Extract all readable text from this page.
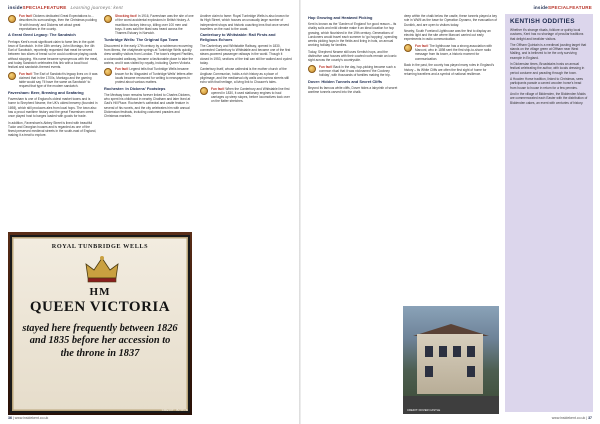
insideSPECIALFEATURE Learning journeys: kent
Fun fact! Dickens dedicated Great Expectations to... describes its surroundings, then the Christmas pudding 'lit with brandy' and Dickens set about great expectations in the county.
A Great Geed Legacy: The Sandwich

Perhaps Kent's most significant claim to fame lies in the quiet town of Sandwich. In the 18th century, John Montagu, the 4th Earl of Sandwich, reportedly requested that meat be served between two slices of bread so he could continue playing cards without stopping. His name became synonymous with the meal, and today Sandwich celebrates this link with a local food festival and sandwich-themed events.

Fun fact! The Earl of Sandwich's legacy lives on: it was claimed that in the 1700s, Montagu and the gaming table would say 'I'll have the same as Sandwich' to request that type of the modern sandwich.
Faversham: Beer, Brewing and Seafaring

Faversham is one of England's oldest market towns and is home to Shepherd Neame, the UK's oldest brewery (founded in 1698), which still produces ales from local hops. The town also has a proud maritime history and the great Faversham creek once played host to barges loaded with goods for trade.

In addition, Faversham's Abbey Street is lined with beautiful Tudor and Georgian houses and is regarded as one of the finest preserved medieval streets in the south-east of England, making it a treat to explore.

Shocking fact! In 1916, Faversham was the site of one of the worst accidental explosions in British history. A munitions factory blew up, killing over 100 men and boys. It was said the blast was heard across the Thames Estuary in Norwich.
Tunbridge Wells: The Original Spa Town

Discovered in the early 17th century by a nobleman recovering from illness, the chalybeate springs at Tunbridge Wells quickly drew wealthy visitors from London. The town's elegant Pantiles, a colonnaded walkway, became a fashionable place to take the waters, and it was visited by royalty, including Queen Victoria.

Fun fact! Legend tells that Tunbridge Wells became known for its 'disgusted of Tunbridge Wells' letters after locals became renowned for writing to newspapers in protest about various matters.
Rochester: In Dickens' Footsteps

The Medway town remains forever linked to Charles Dickens, who spent his childhood in nearby Chatham and later lived at Gad's Hill Place. Rochester's cathedral and castle feature in several of his novels, and the city celebrates him with annual Dickensian festivals, including costumed parades and Christmas markets.

Another claim to fame: Royal Tunbridge Wells is also known for its High Street, which houses an unusually large number of independent shops and historic coaching inns that once served travellers on the road to the coast.

Canterbury to Whitstable: Rail Firsts and Religious Echoes

The Canterbury and Whitstable Railway, opened in 1830, connected Canterbury to Whitstable and became one of the first steam-powered passenger railways in the world. Though it closed in 1953, sections of the trail can still be walked and cycled today.

Canterbury itself, whose cathedral is the mother church of the Anglican Communion, holds a rich history as a place of pilgrimage, and the mediaeval city walls and narrow streets still echo with that heritage, a living link to Chaucer's tales.

Fun fact! When the Canterbury and Whitstable line first opened in 1830, it used stationary engines to haul carriages up steep slopes, before locomotives took over on the flatter stretches.
ROYAL TUNBRIDGE WELLS
HM
QUEEN VICTORIA
stayed here frequently between 1826 and 1835 before her accession to the throne in 1837
CREDIT: ISTOCK
36 | www.insidekent.co.uk
insideSPECIALFEATURE
Hop Growing and Heatwed Picking

Kent is known as the 'Garden of England' for good reason – its chalky soils and mild climate make it an ideal location for hop growing, which flourished in the 19th century. Generations of Londoners would travel each summer to 'go hopping', spending weeks picking hops in the fields and living in huts, an annual working holiday for families.

Today, Shepherd Neame still uses Kentish hops, and the distinctive oast houses with their cowled roofs remain an iconic sight across the county's countryside.

Fun fact! Back in the day, hop-picking became such a common ritual that it was nicknamed 'the Cockney holiday', with thousands of families making the trip.
Dover: Hidden Tunnels and Secret Cliffs

Beyond its famous white cliffs, Dover hides a labyrinth of secret wartime tunnels carved into the chalk.

deep within the chalk below the castle, these tunnels played a key role in WWII as the base for Operation Dynamo, the evacuation of Dunkirk, and are open to visitors today.

Nearby, South Foreland Lighthouse was the first to display an electric light and the site where Marconi carried out early experiments in radio communication.

Fun fact! The lighthouse has a strong association with Marconi, who in 1898 sent the first ship-to-shore radio message from its tower, a historic moment for communication.

Back in the past, the county has played many roles in England's history – its White Cliffs are often the first sight of home for returning travellers and a symbol of national resilience.

CREDIT: DOVER CASTLE
www.insidekent.co.uk | 37
KENTISH ODDITIES

Whether it's strange rituals, folklore or quirky local customs, Kent has no shortage of peculiar traditions that delight and bewilder visitors.

The Offham Quintain is a medieval jousting target that stands on the village green at Offham near West Malling, and is believed to be the only surviving example in England.

In Dickensian times, Broadstairs hosts an annual festival celebrating the author, with locals dressing in period costume and parading through the town.

A Hooden Horse tradition, linked to Christmas, sees participants parade a carved wooden horse's head from house to house in return for a few pennies.

And in the village of Biddenden, the Biddenden Maids are commemorated each Easter with the distribution of Biddenden cakes, an event with centuries of history.
